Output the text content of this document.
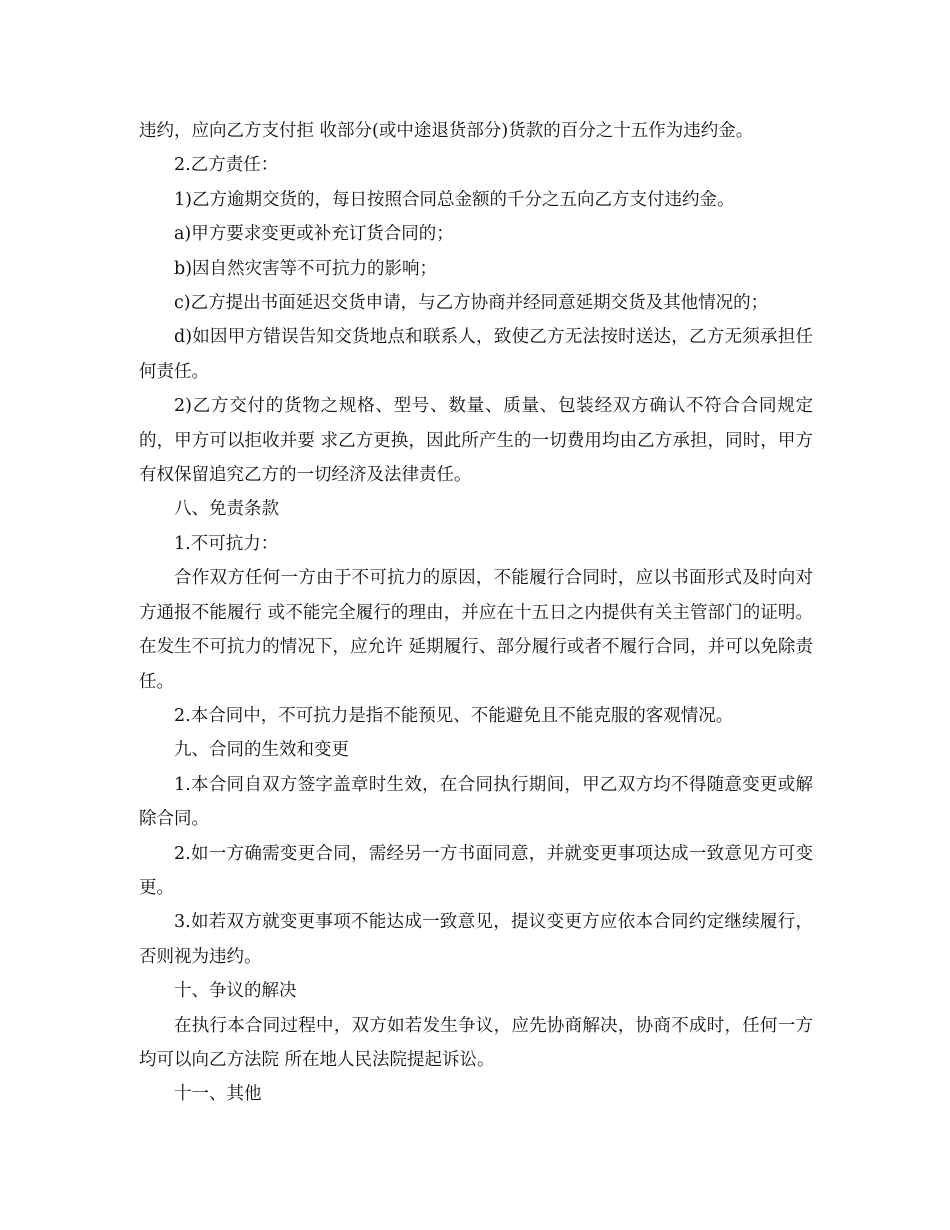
违约，应向乙方支付拒 收部分(或中途退货部分)货款的百分之十五作为违约金。

2.乙方责任：

1)乙方逾期交货的，每日按照合同总金额的千分之五向乙方支付违约金。

a)甲方要求变更或补充订货合同的；

b)因自然灾害等不可抗力的影响；

c)乙方提出书面延迟交货申请，与乙方协商并经同意延期交货及其他情况的；

d)如因甲方错误告知交货地点和联系人，致使乙方无法按时送达，乙方无须承担任何责任。

2)乙方交付的货物之规格、型号、数量、质量、包装经双方确认不符合合同规定的，甲方可以拒收并要 求乙方更换，因此所产生的一切费用均由乙方承担，同时，甲方有权保留追究乙方的一切经济及法律责任。

八、免责条款

1.不可抗力：

合作双方任何一方由于不可抗力的原因，不能履行合同时，应以书面形式及时向对方通报不能履行 或不能完全履行的理由，并应在十五日之内提供有关主管部门的证明。在发生不可抗力的情况下，应允许 延期履行、部分履行或者不履行合同，并可以免除责任。

2.本合同中，不可抗力是指不能预见、不能避免且不能克服的客观情况。

九、合同的生效和变更

1.本合同自双方签字盖章时生效，在合同执行期间，甲乙双方均不得随意变更或解除合同。

2.如一方确需变更合同，需经另一方书面同意，并就变更事项达成一致意见方可变更。

3.如若双方就变更事项不能达成一致意见，提议变更方应依本合同约定继续履行，否则视为违约。

十、争议的解决

在执行本合同过程中，双方如若发生争议，应先协商解决，协商不成时，任何一方均可以向乙方法院 所在地人民法院提起诉讼。

十一、其他
